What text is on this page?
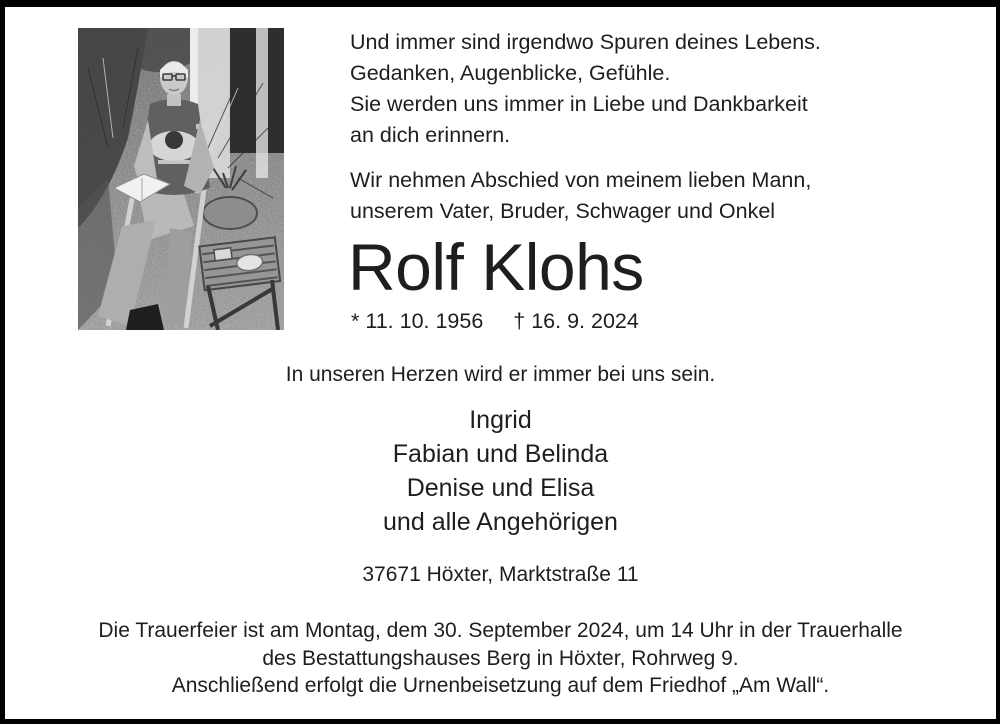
Und immer sind irgendwo Spuren deines Lebens.
Gedanken, Augenblicke, Gefühle.
Sie werden uns immer in Liebe und Dankbarkeit
an dich erinnern.
Wir nehmen Abschied von meinem lieben Mann,
unserem Vater, Bruder, Schwager und Onkel
Rolf Klohs
* 11. 10. 1956 † 16. 9. 2024
In unseren Herzen wird er immer bei uns sein.
Ingrid
Fabian und Belinda
Denise und Elisa
und alle Angehörigen
37671 Höxter, Marktstraße 11
Die Trauerfeier ist am Montag, dem 30. September 2024, um 14 Uhr in der Trauerhalle
des Bestattungshauses Berg in Höxter, Rohrweg 9.
Anschließend erfolgt die Urnenbeisetzung auf dem Friedhof „Am Wall“.
